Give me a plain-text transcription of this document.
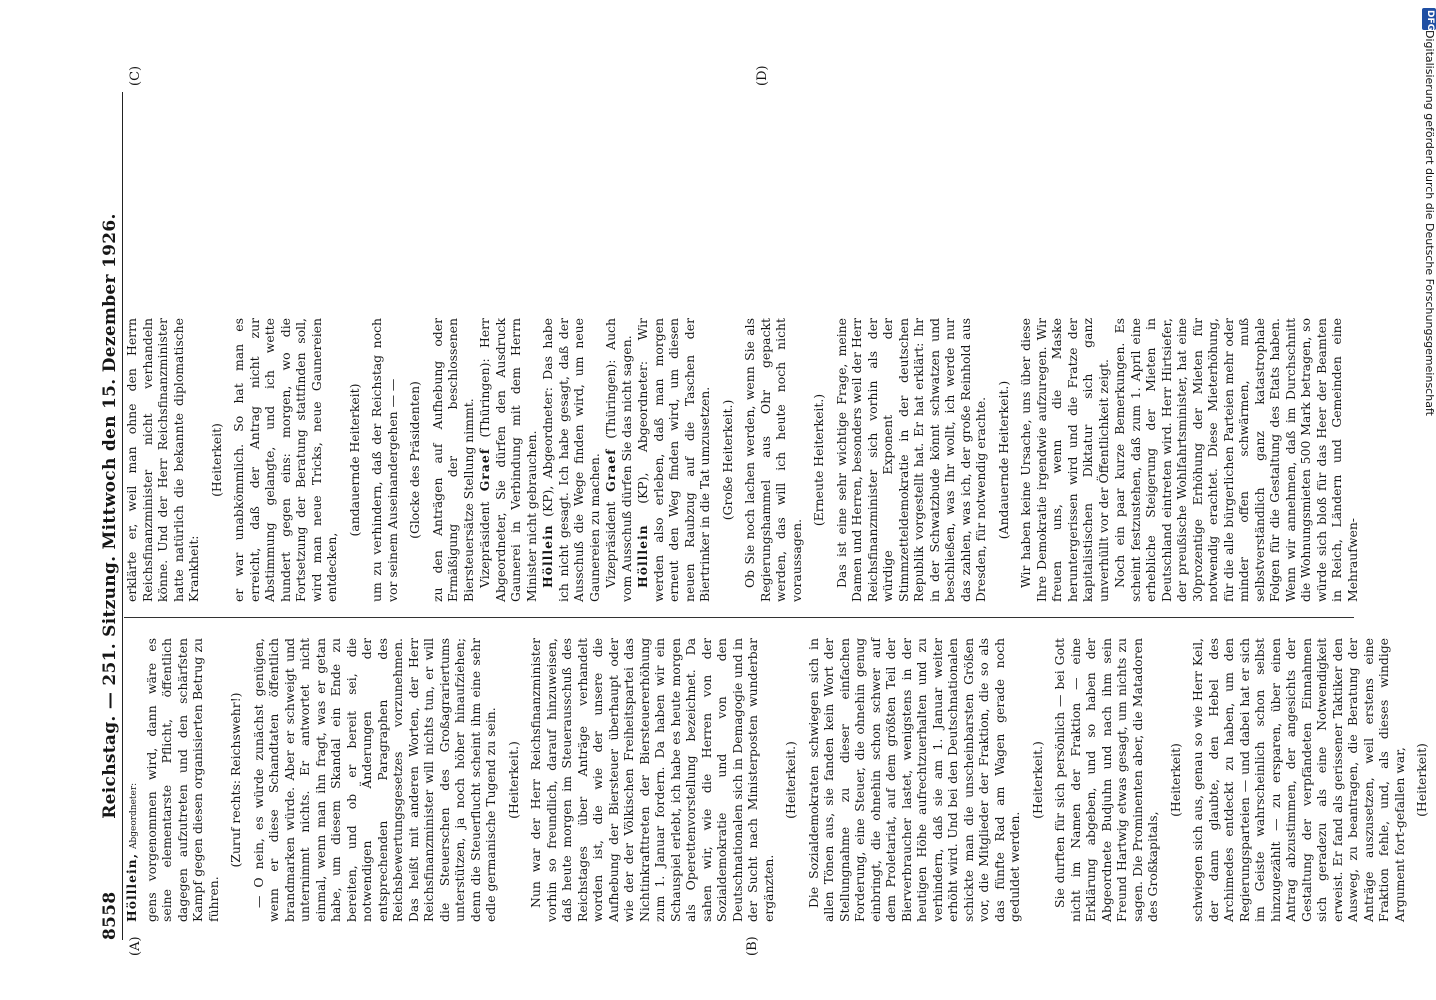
8558
Reichstag. — 251. Sitzung. Mittwoch den 15. Dezember 1926.
(A)	(B)
(C)	(D)

Hölllein, Abgeordneter: gens vorgenommen wird, dann wäre es seine elementarste Pflicht, öffentlich dagegen aufzutreten und den schärfsten Kampf gegen diesen organisierten Betrug zu führen.

(Zuruf rechts: Reichswehr!) — O nein, es würde zunächst genügen, wenn er diese Schandtaten öffentlich brandmarken würde. Aber er schweigt und unternimmt nichts. Er antwortet nicht einmal, wenn man ihn fragt, was er getan habe, um diesem Skandal ein Ende zu bereiten, und ob er bereit sei, die notwendigen Änderungen der entsprechenden Paragraphen des Reichsbewertungsgesetzes vorzunehmen. Das heißt mit anderen Worten, der Herr Reichsfinanzminister will nichts tun, er will die Steuerschen des Großagrariertums unterstützen, ja noch höher hinaufziehen; denn die Steuerflucht scheint ihm eine sehr edle germanische Tugend zu sein. (Heiterkeit.) Nun war der Herr Reichsfinanzminister vorhin so freundlich, darauf hinzuweisen, daß heute morgen im Steuerausschuß des Reichstages über Anträge verhandelt worden ist, die wie der unsere die Aufhebung der Biersteuer überhaupt oder wie der der Völkischen Freiheitspartei das Nichtinkrafttreten der Biersteuererhöhung zum 1. Januar fordern. Da haben wir ein Schauspiel erlebt, ich habe es heute morgen als Operettenvorstellung bezeichnet. Da sahen wir, wie die Herren von der Sozialdemokratie und von den Deutschnationalen sich in Demagogie und in der Sucht nach Ministerposten wunderbar ergänzten.

(Heiterkeit.) Die Sozialdemokraten schwiegen sich in allen Tönen aus, sie fanden kein Wort der Stellungnahme zu dieser einfachen Forderung, eine Steuer, die ohnehin genug einbringt, die ohnehin schon schwer auf dem Proletariat, auf dem größten Teil der Bierverbraucher lastet, wenigstens in der heutigen Höhe aufrechtzuerhalten und zu verhindern, daß sie am 1. Januar weiter erhöht wird. Und bei den Deutschnationalen schickte man die unscheinbarsten Größen vor, die Mitglieder der Fraktion, die so als das fünfte Rad am Wagen gerade noch geduldet werden.

(Heiterkeit.) Sie durften für sich persönlich — bei Gott nicht im Namen der Fraktion — eine Erklärung abgeben, und so haben der Abgeordnete Budjuhn und nach ihm sein Freund Hartwig etwas gesagt, um nichts zu sagen. Die Prominenten aber, die Matadoren des Großkapitals,

(Heiterkeit) schwiegen sich aus, genau so wie Herr Keil, der dann glaubte, den Hebel des Archimedes entdeckt zu haben, um den Regierungsparteien — und dabei hat er sich im Geiste wahrscheinlich schon selbst hinzugezählt — zu ersparen, über einen Antrag abzustimmen, der angesichts der Gestaltung der verpfändeten Einnahmen sich geradezu als eine Notwendigkeit erweist. Er fand als gerissener Taktiker den Ausweg, zu beantragen, die Beratung der Anträge auszusetzen, weil erstens eine Fraktion fehle, und, als dieses windige Argument fort-gefallen war, (Heiterkeit)

erklärte er, weil man ohne den Herrn Reichsfinanzminister nicht verhandeln könne. Und der Herr Reichsfinanzminister hatte natürlich die bekannte diplomatische Krankheit:

(Heiterkeit) er war unabkömmlich. So hat man es erreicht, daß der Antrag nicht zur Abstimmung gelangte, und ich wette hundert gegen eins: morgen, wo die Fortsetzung der Beratung stattfinden soll, wird man neue Tricks, neue Gaunereien entdecken,

(andauernde Heiterkeit) um zu verhindern, daß der Reichstag noch vor seinem Auseinandergehen — — (Glocke des Präsidenten) zu den Anträgen auf Aufhebung oder Ermäßigung der beschlossenen Biersteuersätze Stellung nimmt. Vizepräsident Graef (Thüringen): Herr Abgeordneter, Sie dürfen den Ausdruck Gaunerei in Verbindung mit dem Herrn Minister nicht gebrauchen. Hölllein (KP), Abgeordneter: Das habe ich nicht gesagt. Ich habe gesagt, daß der Ausschuß die Wege finden wird, um neue Gaunereien zu machen. Vizepräsident Graef (Thüringen): Auch vom Ausschuß dürfen Sie das nicht sagen. Hölllein (KP), Abgeordneter: Wir werden also erleben, daß man morgen erneut den Weg finden wird, um diesen neuen Raubzug auf die Taschen der Biertrinker in die Tat umzusetzen. (Große Heiterkeit.) Ob Sie noch lachen werden, wenn Sie als Regierungshammel aus Ohr gepackt werden, das will ich heute noch nicht voraussagen.

(Erneute Heiterkeit.) Das ist eine sehr wichtige Frage, meine Damen und Herren, besonders weil der Herr Reichsfinanzminister sich vorhin als der würdige Exponent der Stimmzetteldemokratie in der deutschen Republik vorgestellt hat. Er hat erklärt: Ihr in der Schwatzbude könnt schwatzen und beschließen, was Ihr wollt, ich werde nur das zahlen, was ich, der große Reinhold aus Dresden, für notwendig erachte. (Andauernde Heiterkeit.) Wir haben keine Ursache, uns über diese Ihre Demokratie irgendwie aufzuregen. Wir freuen uns, wenn die Maske heruntergerissen wird und die Fratze der kapitalistischen Diktatur sich ganz unverhüllt vor der Öffentlichkeit zeigt. Noch ein paar kurze Bemerkungen. Es scheint festzustehen, daß zum 1. April eine erhebliche Steigerung der Mieten in Deutschland eintreten wird. Herr Hirtsiefer, der preußische Wohlfahrtsminister, hat eine 30prozentige Erhöhung der Mieten für notwendig erachtet. Diese Mieterhöhung, für die alle bürgerlichen Parteien mehr oder minder offen schwärmen, muß selbstverständlich ganz katastrophale Folgen für die Gestaltung des Etats haben. Wenn wir annehmen, daß im Durchschnitt die Wohnungsmieten 500 Mark betragen, so würde sich bloß für das Heer der Beamten in Reich, Ländern und Gemeinden eine Mehraufwen-

DFG
Digitalisierung gefördert durch die Deutsche Forschungsgemeinschaft
